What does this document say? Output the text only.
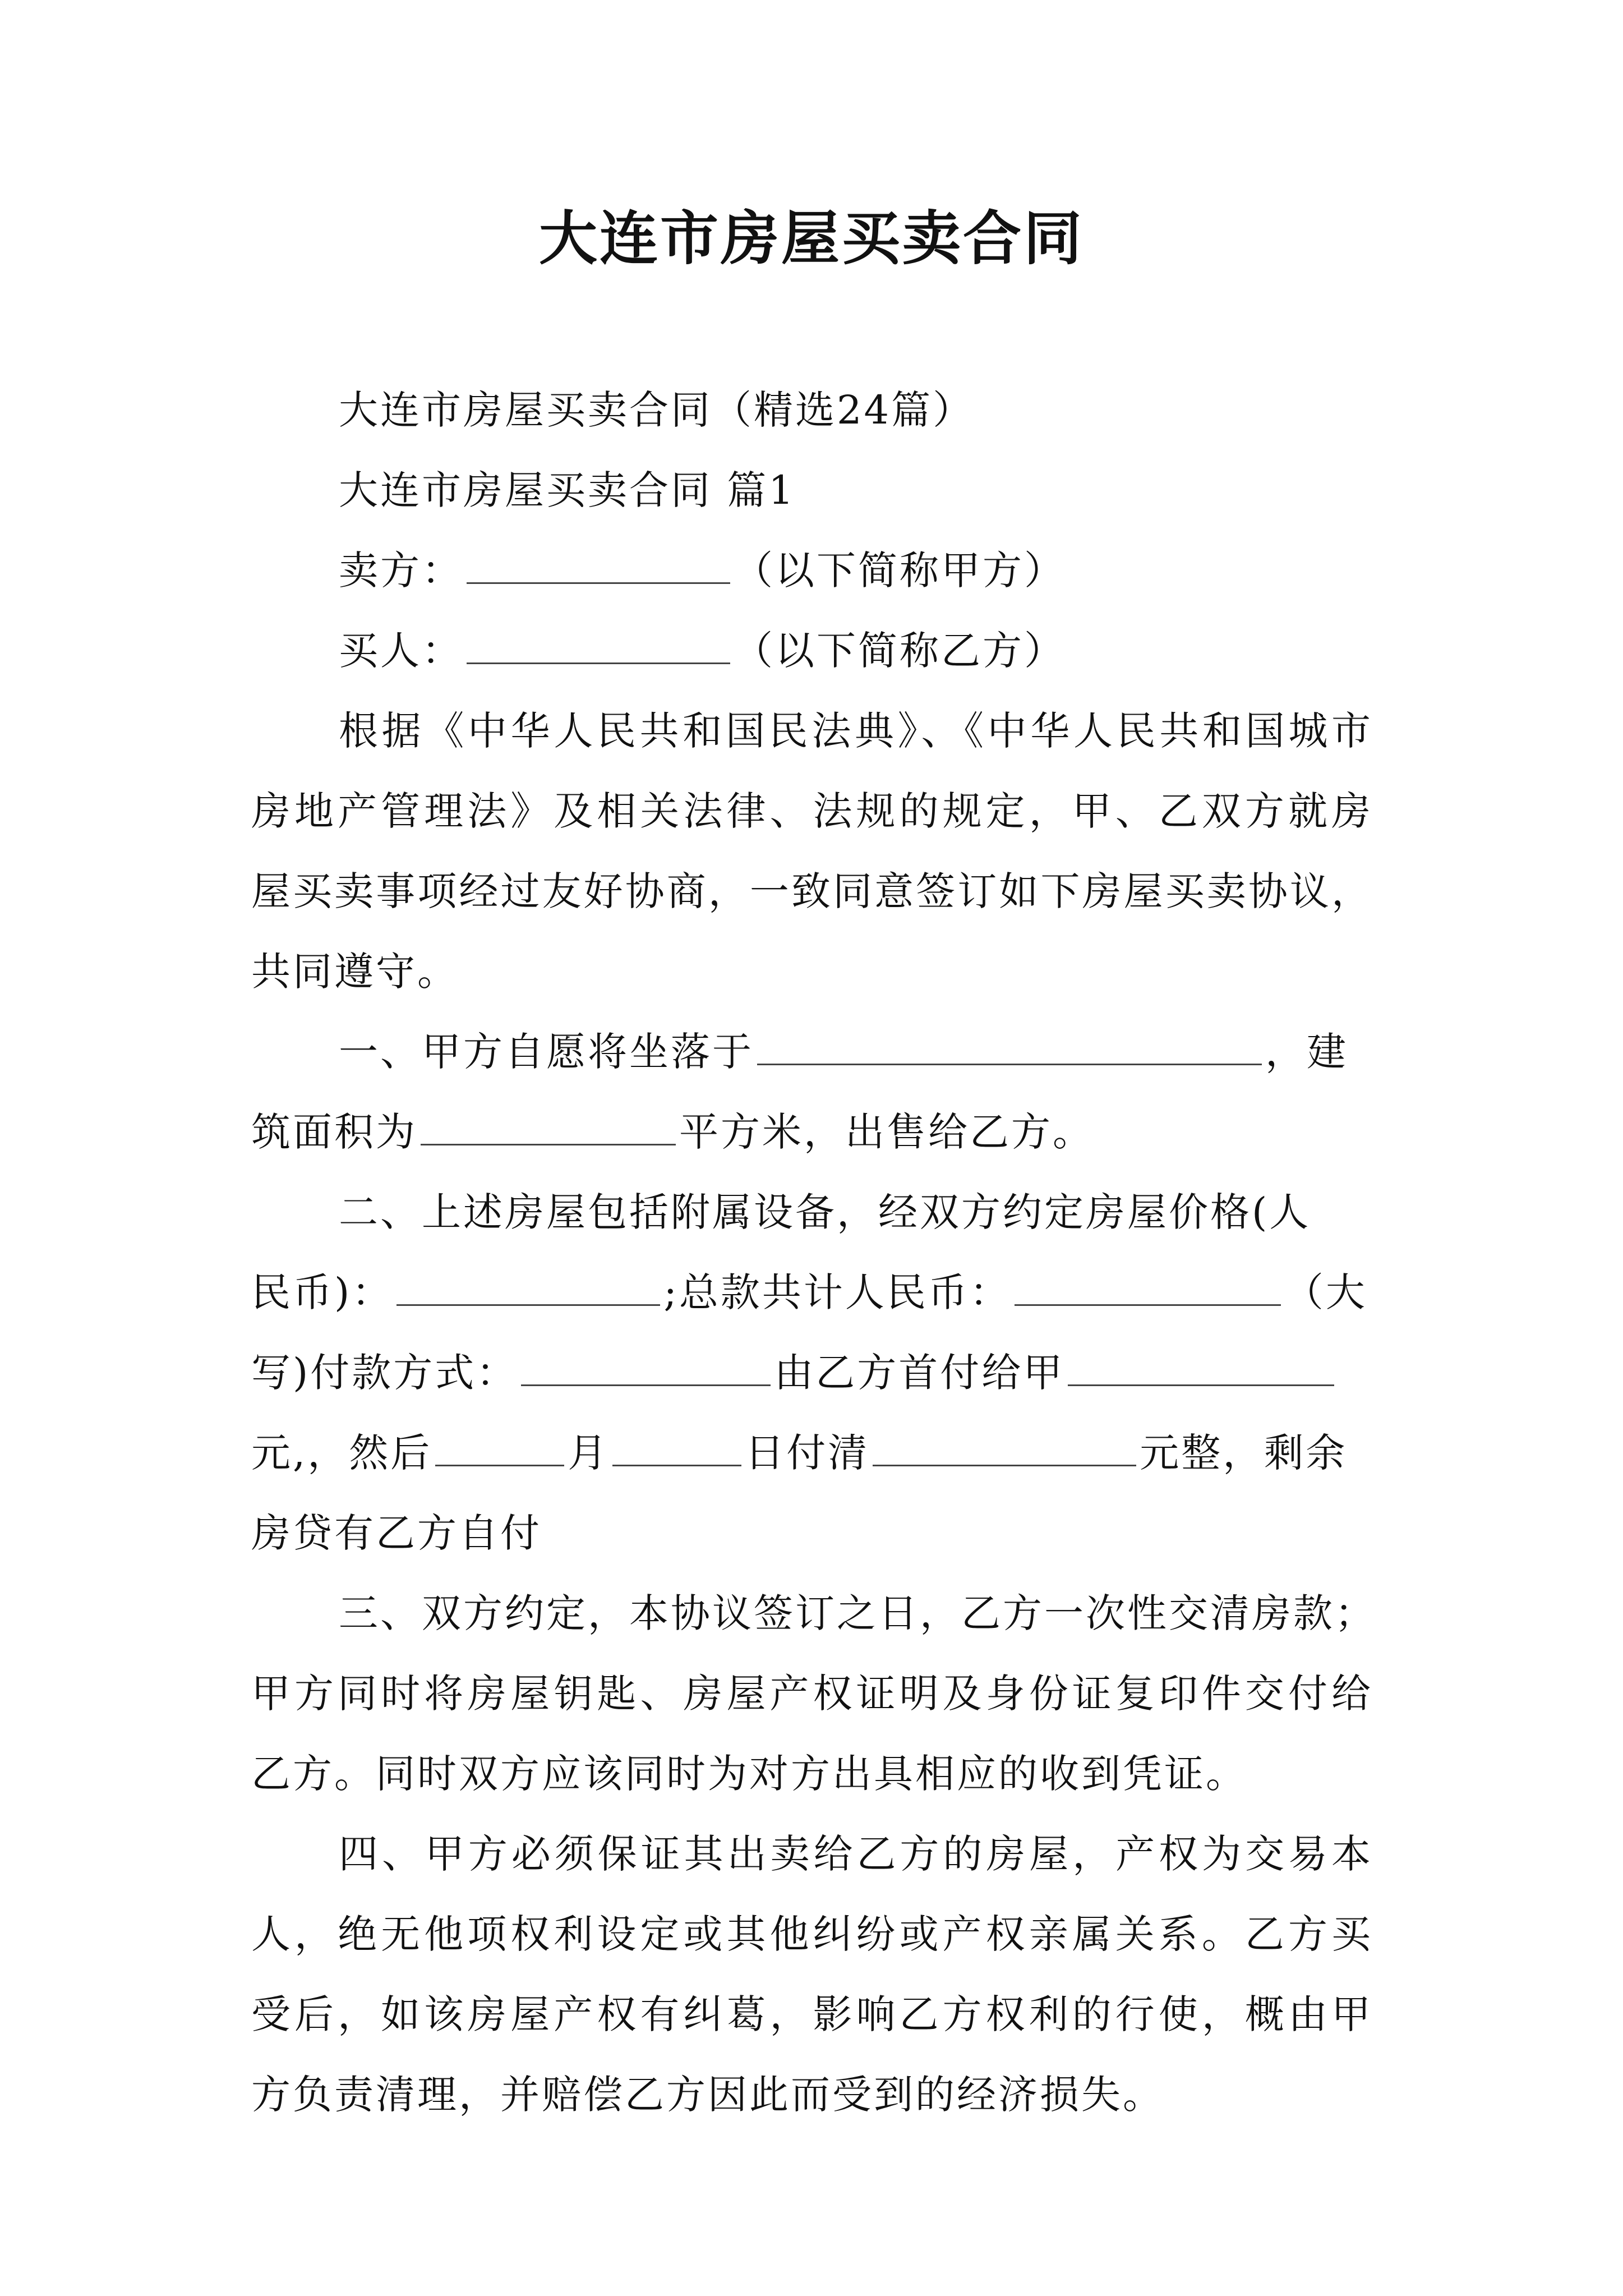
大连市房屋买卖合同
大连市房屋买卖合同（精选24篇）
大连市房屋买卖合同 篇1
卖方：	（以下简称甲方）
买人：	（以下简称乙方）
根据《中华人民共和国民法典》、《中华人民共和国城市
房地产管理法》及相关法律、法规的规定，甲、乙双方就房
屋买卖事项经过友好协商，一致同意签订如下房屋买卖协议，
共同遵守。
一、甲方自愿将坐落于	，建
筑面积为	平方米，出售给乙方。
二、上述房屋包括附属设备，经双方约定房屋价格(人
民币)：	;总款共计人民币：	（大
写)付款方式：	由乙方首付给甲
元,，然后	月	日付清	元整，剩余
房贷有乙方自付
三、双方约定，本协议签订之日，乙方一次性交清房款；
甲方同时将房屋钥匙、房屋产权证明及身份证复印件交付给
乙方。同时双方应该同时为对方出具相应的收到凭证。
四、甲方必须保证其出卖给乙方的房屋，产权为交易本
人，绝无他项权利设定或其他纠纷或产权亲属关系。乙方买
受后，如该房屋产权有纠葛，影响乙方权利的行使，概由甲
方负责清理，并赔偿乙方因此而受到的经济损失。
